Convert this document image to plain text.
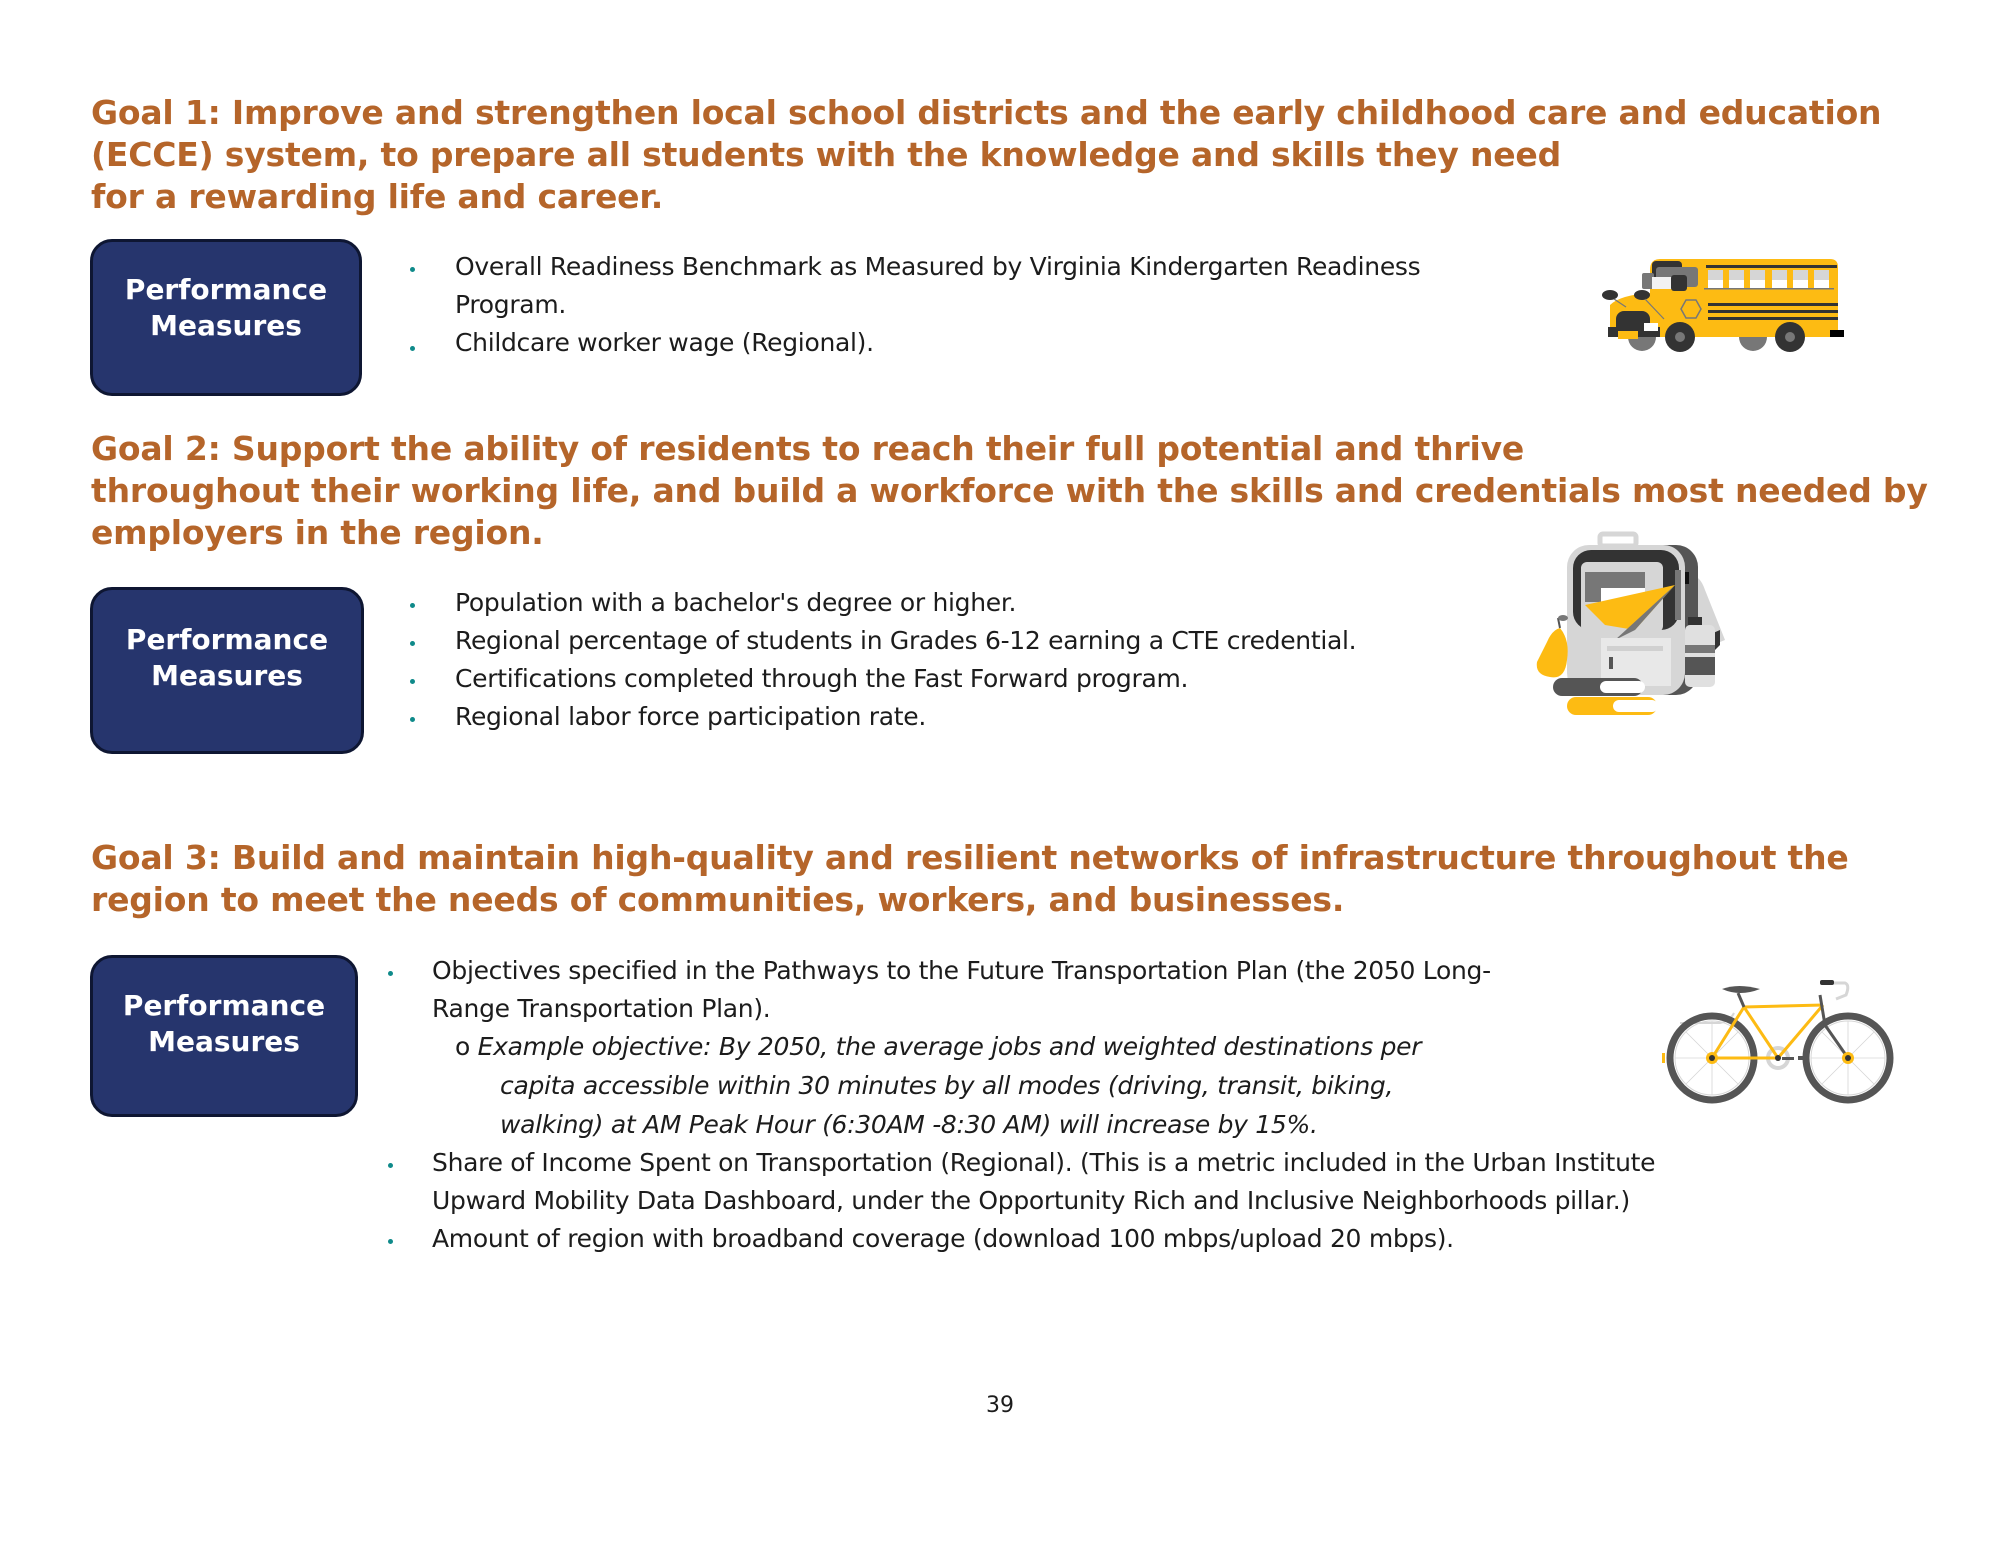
Goal 1: Improve and strengthen local school districts and the early childhood care and education
(ECCE) system, to prepare all students with the knowledge and skills they need
for a rewarding life and career.
Performance
Measures
Overall Readiness Benchmark as Measured by Virginia Kindergarten Readiness
Program.
Childcare worker wage (Regional).
Goal 2: Support the ability of residents to reach their full potential and thrive
throughout their working life, and build a workforce with the skills and credentials most needed by
employers in the region.
Performance
Measures
Population with a bachelor's degree or higher.
Regional percentage of students in Grades 6-12 earning a CTE credential.
Certifications completed through the Fast Forward program.
Regional labor force participation rate.
Goal 3: Build and maintain high-quality and resilient networks of infrastructure throughout the
region to meet the needs of communities, workers, and businesses.
Performance
Measures
Objectives specified in the Pathways to the Future Transportation Plan (the 2050 Long-
Range Transportation Plan).
o Example objective: By 2050, the average jobs and weighted destinations per
capita accessible within 30 minutes by all modes (driving, transit, biking,
walking) at AM Peak Hour (6:30AM -8:30 AM) will increase by 15%.
Share of Income Spent on Transportation (Regional). (This is a metric included in the Urban Institute
Upward Mobility Data Dashboard, under the Opportunity Rich and Inclusive Neighborhoods pillar.)
Amount of region with broadband coverage (download 100 mbps/upload 20 mbps).
39
